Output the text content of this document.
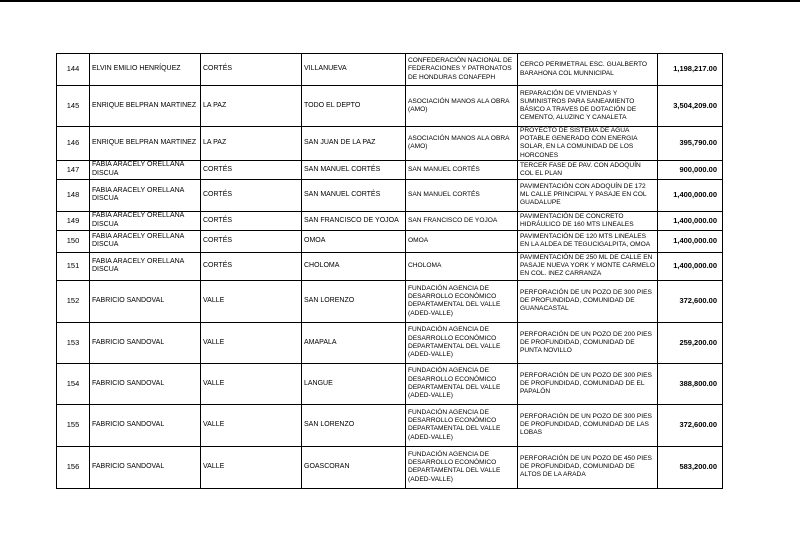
144	ELVIN EMILIO HENRÍQUEZ	CORTÉS	VILLANUEVA	CONFEDERACIÓN NACIONAL DE FEDERACIONES Y PATRONATOS DE HONDURAS CONAFEPH	CERCO PERIMETRAL ESC. GUALBERTO BARAHONA COL MUNNICIPAL	1,198,217.00
145	ENRIQUE BELPRAN MARTINEZ	LA PAZ	TODO EL DEPTO	ASOCIACIÓN MANOS ALA OBRA (AMO)	REPARACIÓN DE VIVIENDAS Y SUMINISTROS PARA SANEAMIENTO BÁSICO A TRAVES DE DOTACIÓN DE CEMENTO, ALUZINC Y CANALETA	3,504,209.00
146	ENRIQUE BELPRAN MARTINEZ	LA PAZ	SAN JUAN DE LA PAZ	ASOCIACIÓN MANOS ALA OBRA (AMO)	PROYECTO DE SISTEMA DE AGUA POTABLE GENERADO CON ENERGIA SOLAR, EN LA COMUNIDAD DE LOS HORCONES	395,790.00
147	FABIA ARACELY ORELLANA DISCUA	CORTÉS	SAN MANUEL CORTÉS	SAN MANUEL CORTÉS	TERCER FASE DE PAV. CON ADOQUÍN COL EL PLAN	900,000.00
148	FABIA ARACELY ORELLANA DISCUA	CORTÉS	SAN MANUEL CORTÉS	SAN MANUEL CORTÉS	PAVIMENTACIÓN CON ADOQUÍN DE 172 ML CALLE PRINCIPAL Y PASAJE EN COL GUADALUPE	1,400,000.00
149	FABIA ARACELY ORELLANA DISCUA	CORTÉS	SAN FRANCISCO DE YOJOA	SAN FRANCISCO DE YOJOA	PAVIMENTACIÓN DE CONCRETO HIDRÁULICO DE 160 MTS LINEALES	1,400,000.00
150	FABIA ARACELY ORELLANA DISCUA	CORTÉS	OMOA	OMOA	PAVIMENTACIÓN DE 120 MTS LINEALES EN LA ALDEA DE TEGUCIGALPITA, OMOA	1,400,000.00
151	FABIA ARACELY ORELLANA DISCUA	CORTÉS	CHOLOMA	CHOLOMA	PAVIMENTACIÓN DE 250 ML DE CALLE EN PASAJE NUEVA YORK Y MONTE CARMELO EN COL. INEZ CARRANZA	1,400,000.00
152	FABRICIO SANDOVAL	VALLE	SAN LORENZO	FUNDACIÓN AGENCIA DE DESARROLLO ECONÓMICO DEPARTAMENTAL DEL VALLE (ADED-VALLE)	PERFORACIÓN DE UN POZO DE 300 PIES DE PROFUNDIDAD, COMUNIDAD DE GUANACASTAL	372,600.00
153	FABRICIO SANDOVAL	VALLE	AMAPALA	FUNDACIÓN AGENCIA DE DESARROLLO ECONÓMICO DEPARTAMENTAL DEL VALLE (ADED-VALLE)	PERFORACIÓN DE UN POZO DE 200 PIES DE PROFUNDIDAD, COMUNIDAD DE PUNTA NOVILLO	259,200.00
154	FABRICIO SANDOVAL	VALLE	LANGUE	FUNDACIÓN AGENCIA DE DESARROLLO ECONÓMICO DEPARTAMENTAL DEL VALLE (ADED-VALLE)	PERFORACIÓN DE UN POZO DE 300 PIES DE PROFUNDIDAD, COMUNIDAD DE EL PAPALÓN	388,800.00
155	FABRICIO SANDOVAL	VALLE	SAN LORENZO	FUNDACIÓN AGENCIA DE DESARROLLO ECONÓMICO DEPARTAMENTAL DEL VALLE (ADED-VALLE)	PERFORACIÓN DE UN POZO DE 300 PIES DE PROFUNDIDAD, COMUNIDAD DE LAS LOBAS	372,600.00
156	FABRICIO SANDOVAL	VALLE	GOASCORAN	FUNDACIÓN AGENCIA DE DESARROLLO ECONÓMICO DEPARTAMENTAL DEL VALLE (ADED-VALLE)	PERFORACIÓN DE UN POZO DE 450 PIES DE PROFUNDIDAD, COMUNIDAD DE ALTOS DE LA ARADA	583,200.00
